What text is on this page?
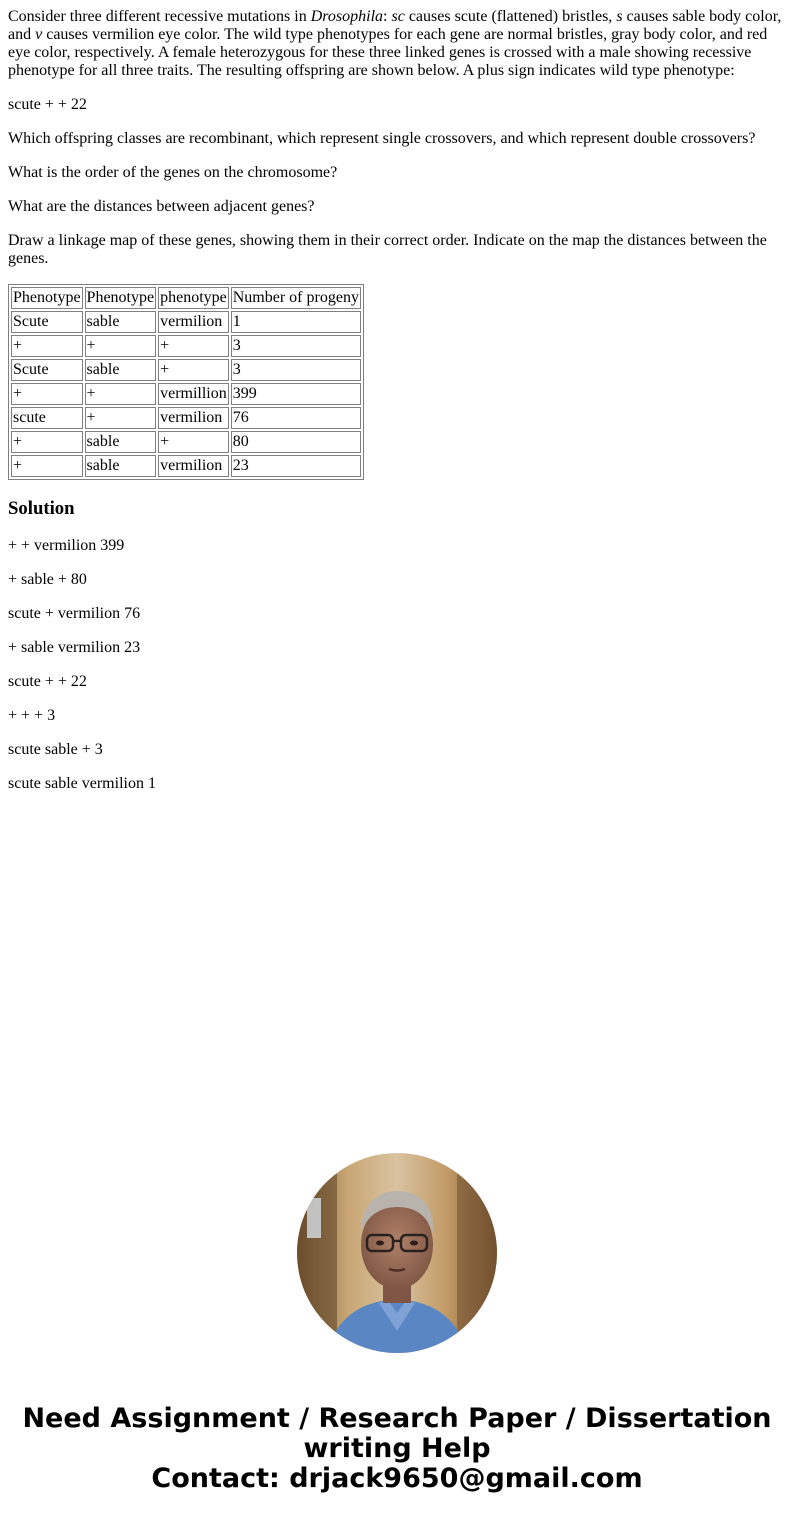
Consider three different recessive mutations in Drosophila: sc causes scute (flattened) bristles, s causes sable body color, and v causes vermilion eye color. The wild type phenotypes for each gene are normal bristles, gray body color, and red eye color, respectively. A female heterozygous for these three linked genes is crossed with a male showing recessive phenotype for all three traits. The resulting offspring are shown below. A plus sign indicates wild type phenotype:

scute + + 22

Which offspring classes are recombinant, which represent single crossovers, and which represent double crossovers?

What is the order of the genes on the chromosome?

What are the distances between adjacent genes?

Draw a linkage map of these genes, showing them in their correct order. Indicate on the map the distances between the genes.

Phenotype	Phenotype	phenotype	Number of progeny
Scute	sable	vermilion	1
+	+	+	3
Scute	sable	+	3
+	+	vermillion	399
scute	+	vermilion	76
+	sable	+	80
+	sable	vermilion	23
Solution

+ + vermilion 399

+ sable + 80

scute + vermilion 76

+ sable vermilion 23

scute + + 22

+ + + 3

scute sable + 3

scute sable vermilion 1

Need Assignment / Research Paper / Dissertation
writing Help
Contact: drjack9650@gmail.com
